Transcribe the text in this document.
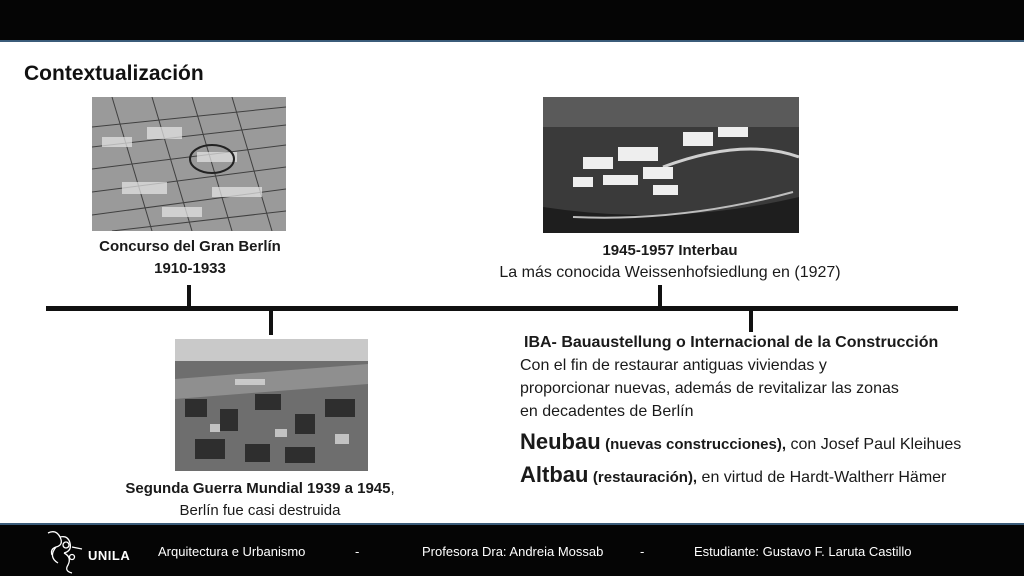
Contextualización
Concurso del Gran Berlín
1910-1933
1945-1957 Interbau
La más conocida Weissenhofsiedlung en (1927)
Segunda Guerra Mundial 1939 a 1945,
Berlín fue casi destruida
IBA- Bauaustellung o Internacional de la Construcción
Con el fin de restaurar antiguas viviendas y
proporcionar nuevas, además de revitalizar las zonas
en decadentes de Berlín
Neubau (nuevas construcciones), con Josef Paul Kleihues
Altbau (restauración), en virtud de Hardt-Waltherr Hämer
UNILA Arquitectura e Urbanismo	-	Profesora Dra: Andreia Mossab	-	Estudiante: Gustavo F. Laruta Castillo
